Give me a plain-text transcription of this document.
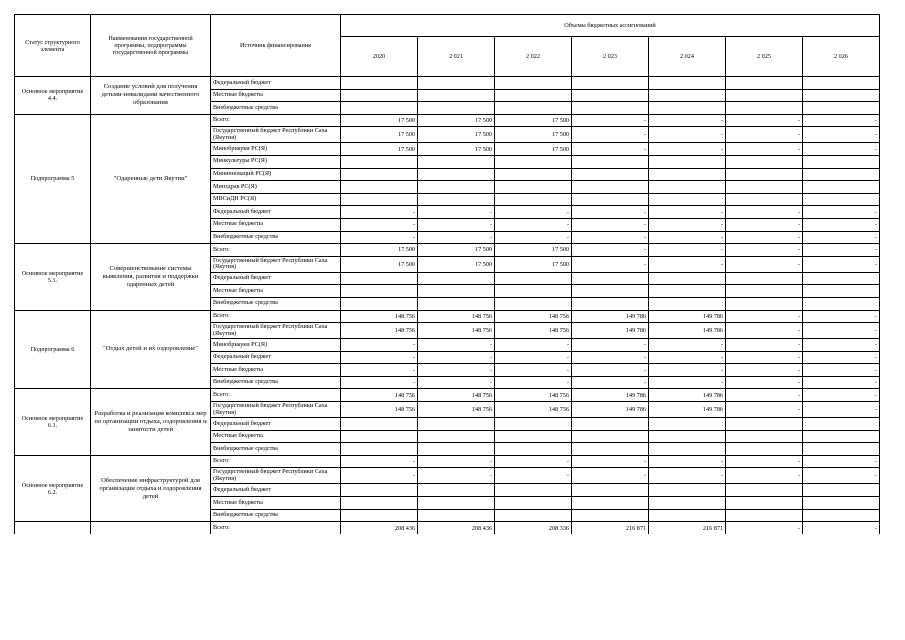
Статус структурного элемента	Наименования государственной программы, подпрограммы государственной программы	Источник финансирования	Объемы бюджетных ассигнований						
			2020	2 021	2 022	2 023	2 024	2 025	2 026
Основное мероприятие 4.4.	Создание условий для получения детьми-инвалидами качественного образования	Федеральный бюджет							
		Местные бюджеты							
		Внебюджетные средства							
Подпрограмма 5	"Одаренные дети Якутии"	Всего:	17 500	17 500	17 500	-	-	-	-
		Государственный бюджет Республики Саха (Якутия)	17 500	17 500	17 500	-	-	-	-
		Минобрнауки РС(Я)	17 500	17 500	17 500	-	-	-	-
		Минкультуры РС(Я)							
		Мининноваций РС(Я)							
		Минздрав РС(Я)							
		МВСиДН РС(Я)							
		Федеральный бюджет	-	-	-	-	-	-	-
		Местные бюджеты	-	-	-	-	-	-	-
		Внебюджетные средства	-	-	-	-	-	-	-
Основное мероприятие 5.1.	Совершенствование системы выявления, развития и поддержки одаренных детей	Всего:	17 500	17 500	17 500	-	-	-	-
		Государственный бюджет Республики Саха (Якутия)	17 500	17 500	17 500	-	-	-	-
		Федеральный бюджет							
		Местные бюджеты							
		Внебюджетные средства							
Подпрограмма 6	"Отдых детей и их оздоровление"	Всего:	148 756	148 756	148 756	149 786	149 786	-	-
		Государственный бюджет Республики Саха (Якутия)	148 756	148 756	148 756	149 786	149 786	-	-
		Минобрнауки РС(Я)	-	-	-	-	-	-	-
		Федеральный бюджет	-	-	-	-	-	-	-
		Местные бюджеты	-	-	-	-	-	-	-
		Внебюджетные средства	-	-	-	-	-	-	-
Основное мероприятие 6.1.	Разработка и реализация комплекса мер по организации отдыха, оздоровления и занятости детей	Всего:	148 756	148 756	148 756	149 786	149 786	-	-
		Государственный бюджет Республики Саха (Якутия)	148 756	148 756	148 756	149 786	149 786	-	-
		Федеральный бюджет							
		Местные бюджеты							
		Внебюджетные средства							
Основное мероприятие 6.2.	Обеспечение инфраструктурой для организации отдыха и оздоровления детей	Всего:	-	-	-	-	-	-	-
		Государственный бюджет Республики Саха (Якутия)	-	-	-	-	-	-	-
		Федеральный бюджет							
		Местные бюджеты							
		Внебюджетные средства							
		Всего:	208 436	208 436	208 336	216 871	216 871	-	-
